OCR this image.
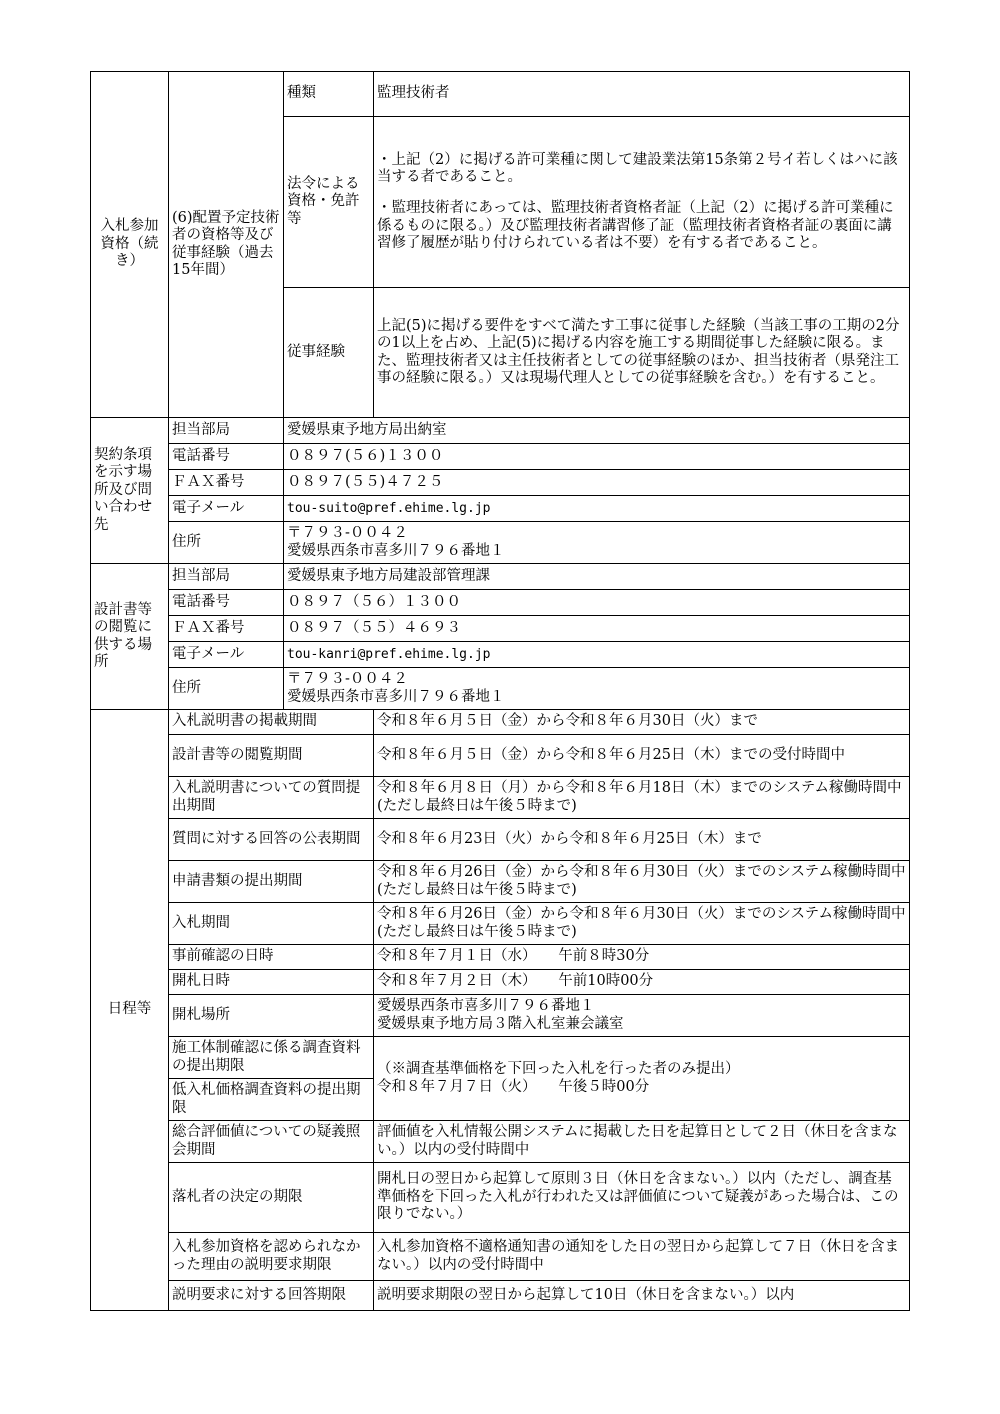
入札参加資格（続き）	(6)配置予定技術者の資格等及び従事経験（過去15年間）	種類	監理技術者
		法令による資格・免許等	・上記（2）に掲げる許可業種に関して建設業法第15条第２号イ若しくはハに該当する者であること。
・監理技術者にあっては、監理技術者資格者証（上記（2）に掲げる許可業種に係るものに限る。）及び監理技術者講習修了証（監理技術者資格者証の裏面に講習修了履歴が貼り付けられている者は不要）を有する者であること。

		従事経験	上記(5)に掲げる要件をすべて満たす工事に従事した経験（当該工事の工期の2分の1以上を占め、上記(5)に掲げる内容を施工する期間従事した経験に限る。また、監理技術者又は主任技術者としての従事経験のほか、担当技術者（県発注工事の経験に限る。）又は現場代理人としての従事経験を含む。）を有すること。
契約条項を示す場所及び問い合わせ先	担当部局	愛媛県東予地方局出納室	
	電話番号	０８９７(５６)１３００	
	ＦＡＸ番号	０８９７(５５)４７２５	
	電子メール	tou-suito@pref.ehime.lg.jp	
	住所	〒７９３-００４２
愛媛県西条市喜多川７９６番地１	

設計書等の閲覧に供する場所	担当部局	愛媛県東予地方局建設部管理課	
	電話番号	０８９７（５６）１３００	
	ＦＡＸ番号	０８９７（５５）４６９３	
	電子メール	tou-kanri@pref.ehime.lg.jp	
	住所	〒７９３-００４２
愛媛県西条市喜多川７９６番地１	

日程等	入札説明書の掲載期間		令和８年６月５日（金）から令和８年６月30日（火）まで
	設計書等の閲覧期間		令和８年６月５日（金）から令和８年６月25日（木）までの受付時間中
	入札説明書についての質問提出期間		令和８年６月８日（月）から令和８年６月18日（木）までのシステム稼働時間中(ただし最終日は午後５時まで)
	質問に対する回答の公表期間		令和８年６月23日（火）から令和８年６月25日（木）まで
	申請書類の提出期間		令和８年６月26日（金）から令和８年６月30日（火）までのシステム稼働時間中(ただし最終日は午後５時まで)
	入札期間		令和８年６月26日（金）から令和８年６月30日（火）までのシステム稼働時間中(ただし最終日は午後５時まで)
	事前確認の日時		令和８年７月１日（水）　　午前８時30分
	開札日時		令和８年７月２日（木）　　午前10時00分
	開札場所		愛媛県西条市喜多川７９６番地１
愛媛県東予地方局３階入札室兼会議室

	施工体制確認に係る調査資料の提出期限		（※調査基準価格を下回った入札を行った者のみ提出）
令和８年７月７日（火）　　午後５時00分

	低入札価格調査資料の提出期限		
	総合評価値についての疑義照会期間		評価値を入札情報公開システムに掲載した日を起算日として２日（休日を含まない。）以内の受付時間中
	落札者の決定の期限		開札日の翌日から起算して原則３日（休日を含まない。）以内（ただし、調査基準価格を下回った入札が行われた又は評価値について疑義があった場合は、この限りでない。）
	入札参加資格を認められなかった理由の説明要求期限		入札参加資格不適格通知書の通知をした日の翌日から起算して７日（休日を含まない。）以内の受付時間中
	説明要求に対する回答期限		説明要求期限の翌日から起算して10日（休日を含まない。）以内
